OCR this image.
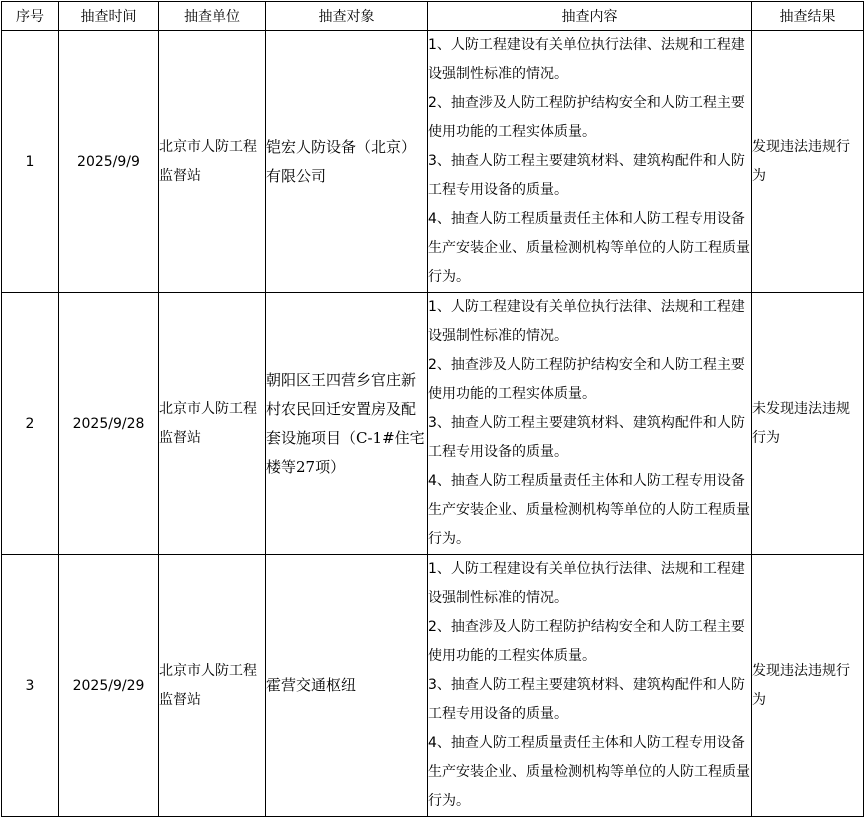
序号	抽查时间	抽查单位	抽查对象	抽查内容	抽查结果
1	2025/9/9	北京市人防工程监督站	铠宏人防设备（北京）有限公司	1、人防工程建设有关单位执行法律、法规和工程建设强制性标准的情况。
2、抽查涉及人防工程防护结构安全和人防工程主要使用功能的工程实体质量。
3、抽查人防工程主要建筑材料、建筑构配件和人防工程专用设备的质量。
4、抽查人防工程质量责任主体和人防工程专用设备生产安装企业、质量检测机构等单位的人防工程质量行为。	发现违法违规行为
2	2025/9/28	北京市人防工程监督站	朝阳区王四营乡官庄新村农民回迁安置房及配套设施项目（C-1#住宅楼等27项）	1、人防工程建设有关单位执行法律、法规和工程建设强制性标准的情况。
2、抽查涉及人防工程防护结构安全和人防工程主要使用功能的工程实体质量。
3、抽查人防工程主要建筑材料、建筑构配件和人防工程专用设备的质量。
4、抽查人防工程质量责任主体和人防工程专用设备生产安装企业、质量检测机构等单位的人防工程质量行为。	未发现违法违规行为
3	2025/9/29	北京市人防工程监督站	霍营交通枢纽	1、人防工程建设有关单位执行法律、法规和工程建设强制性标准的情况。
2、抽查涉及人防工程防护结构安全和人防工程主要使用功能的工程实体质量。
3、抽查人防工程主要建筑材料、建筑构配件和人防工程专用设备的质量。
4、抽查人防工程质量责任主体和人防工程专用设备生产安装企业、质量检测机构等单位的人防工程质量行为。	发现违法违规行为
